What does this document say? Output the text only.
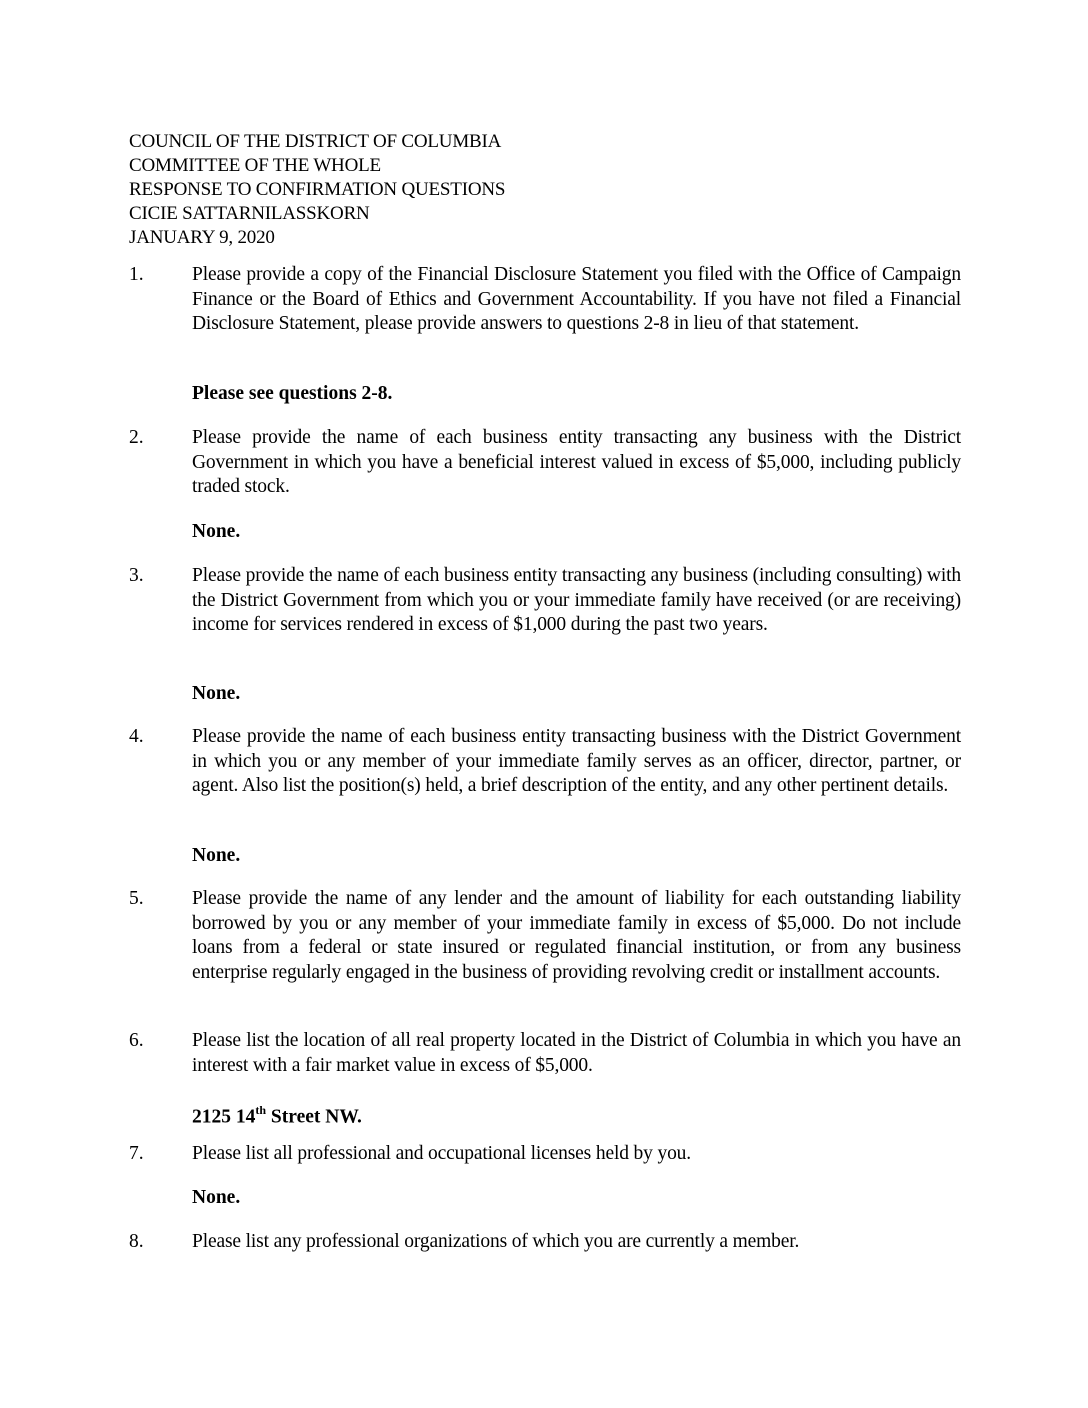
COUNCIL OF THE DISTRICT OF COLUMBIA
COMMITTEE OF THE WHOLE
RESPONSE TO CONFIRMATION QUESTIONS
CICIE SATTARNILASSKORN
JANUARY 9, 2020
1. Please provide a copy of the Financial Disclosure Statement you filed with the Office of Campaign Finance or the Board of Ethics and Government Accountability. If you have not filed a Financial Disclosure Statement, please provide answers to questions 2-8 in lieu of that statement.
Please see questions 2-8.
2. Please provide the name of each business entity transacting any business with the District Government in which you have a beneficial interest valued in excess of $5,000, including publicly traded stock.
None.
3. Please provide the name of each business entity transacting any business (including consulting) with the District Government from which you or your immediate family have received (or are receiving) income for services rendered in excess of $1,000 during the past two years.
None.
4. Please provide the name of each business entity transacting business with the District Government in which you or any member of your immediate family serves as an officer, director, partner, or agent. Also list the position(s) held, a brief description of the entity, and any other pertinent details.
None.
5. Please provide the name of any lender and the amount of liability for each outstanding liability borrowed by you or any member of your immediate family in excess of $5,000. Do not include loans from a federal or state insured or regulated financial institution, or from any business enterprise regularly engaged in the business of providing revolving credit or installment accounts.
6. Please list the location of all real property located in the District of Columbia in which you have an interest with a fair market value in excess of $5,000.
2125 14th Street NW.
7. Please list all professional and occupational licenses held by you.
None.
8. Please list any professional organizations of which you are currently a member.
